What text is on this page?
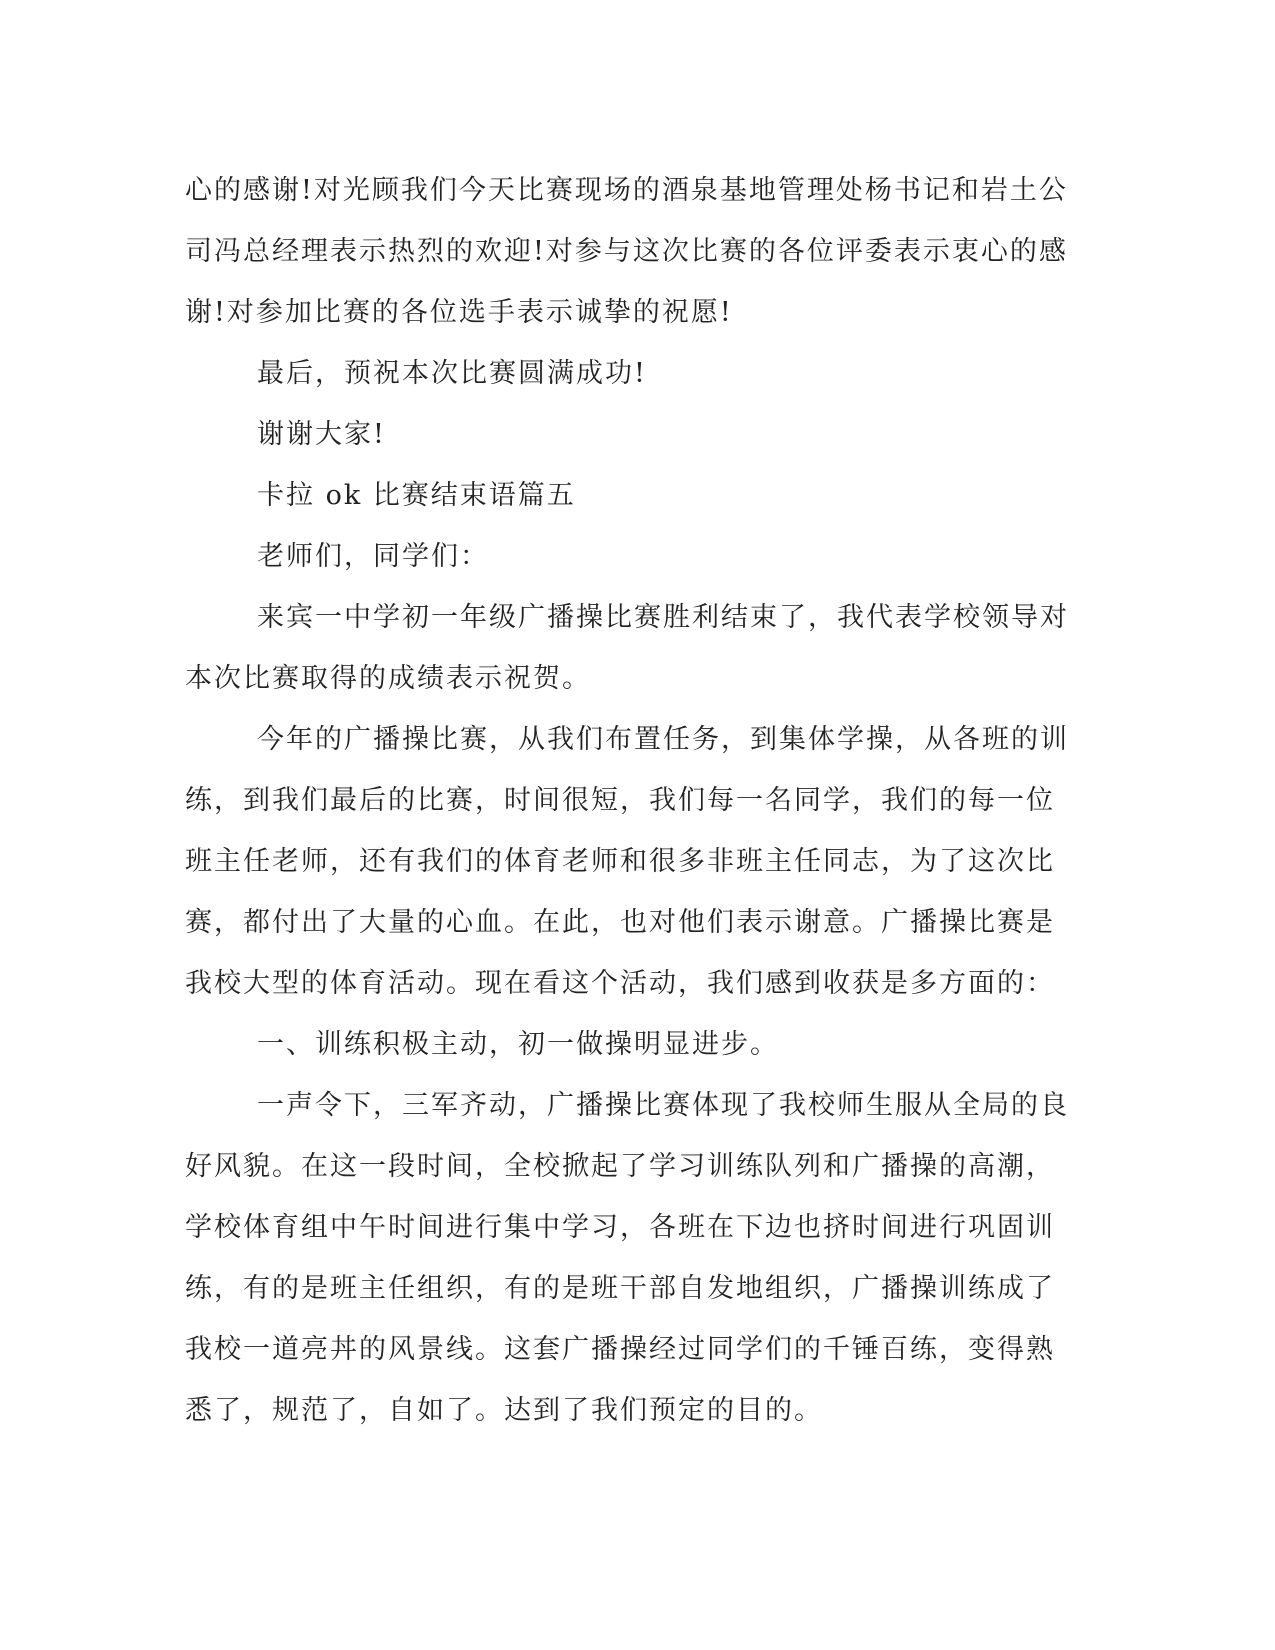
心的感谢!对光顾我们今天比赛现场的酒泉基地管理处杨书记和岩土公

司冯总经理表示热烈的欢迎!对参与这次比赛的各位评委表示衷心的感

谢!对参加比赛的各位选手表示诚挚的祝愿!

最后，预祝本次比赛圆满成功!

谢谢大家!

卡拉 ok 比赛结束语篇五

老师们，同学们：

来宾一中学初一年级广播操比赛胜利结束了，我代表学校领导对

本次比赛取得的成绩表示祝贺。

今年的广播操比赛，从我们布置任务，到集体学操，从各班的训

练，到我们最后的比赛，时间很短，我们每一名同学，我们的每一位

班主任老师，还有我们的体育老师和很多非班主任同志，为了这次比

赛，都付出了大量的心血。在此，也对他们表示谢意。广播操比赛是

我校大型的体育活动。现在看这个活动，我们感到收获是多方面的：

一、训练积极主动，初一做操明显进步。

一声令下，三军齐动，广播操比赛体现了我校师生服从全局的良

好风貌。在这一段时间，全校掀起了学习训练队列和广播操的高潮，

学校体育组中午时间进行集中学习，各班在下边也挤时间进行巩固训

练，有的是班主任组织，有的是班干部自发地组织，广播操训练成了

我校一道亮丼的风景线。这套广播操经过同学们的千锤百练，变得熟

悉了，规范了，自如了。达到了我们预定的目的。
